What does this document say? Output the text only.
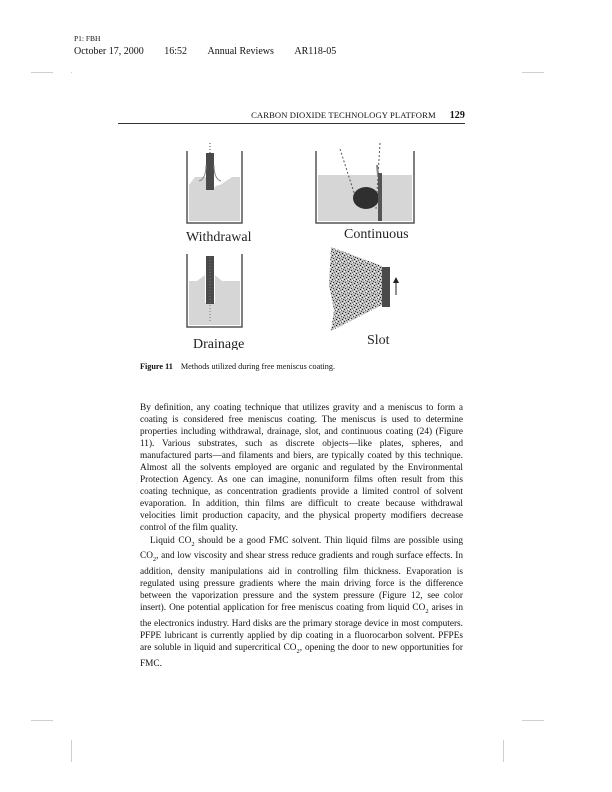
P1: FBH
October 17, 2000 16:52 Annual Reviews AR118-05
CARBON DIOXIDE TECHNOLOGY PLATFORM 129
Withdrawal	Continuous
Drainage	Slot
Figure 11 Methods utilized during free meniscus coating.

By definition, any coating technique that utilizes gravity and a meniscus to form a coating is considered free meniscus coating. The meniscus is used to determine properties including withdrawal, drainage, slot, and continuous coating (24) (Figure 11). Various substrates, such as discrete objects—like plates, spheres, and manufactured parts—and filaments and biers, are typically coated by this technique. Almost all the solvents employed are organic and regulated by the Environmental Protection Agency. As one can imagine, nonuniform films often result from this coating technique, as concentration gradients provide a limited control of solvent evaporation. In addition, thin films are difficult to create because withdrawal velocities limit production capacity, and the physical property modifiers decrease control of the film quality.

Liquid $CO_2$ should be a good FMC solvent. Thin liquid films are possible using $CO_2$, and low viscosity and shear stress reduce gradients and rough surface effects. In addition, density manipulations aid in controlling film thickness. Evaporation is regulated using pressure gradients where the main driving force is the difference between the vaporization pressure and the system pressure (Figure 12, see color insert). One potential application for free meniscus coating from liquid $CO_2$ arises in the electronics industry. Hard disks are the primary storage device in most computers. PFPE lubricant is currently applied by dip coating in a fluorocarbon solvent. PFPEs are soluble in liquid and supercritical $CO_2$, opening the door to new opportunities for FMC.
